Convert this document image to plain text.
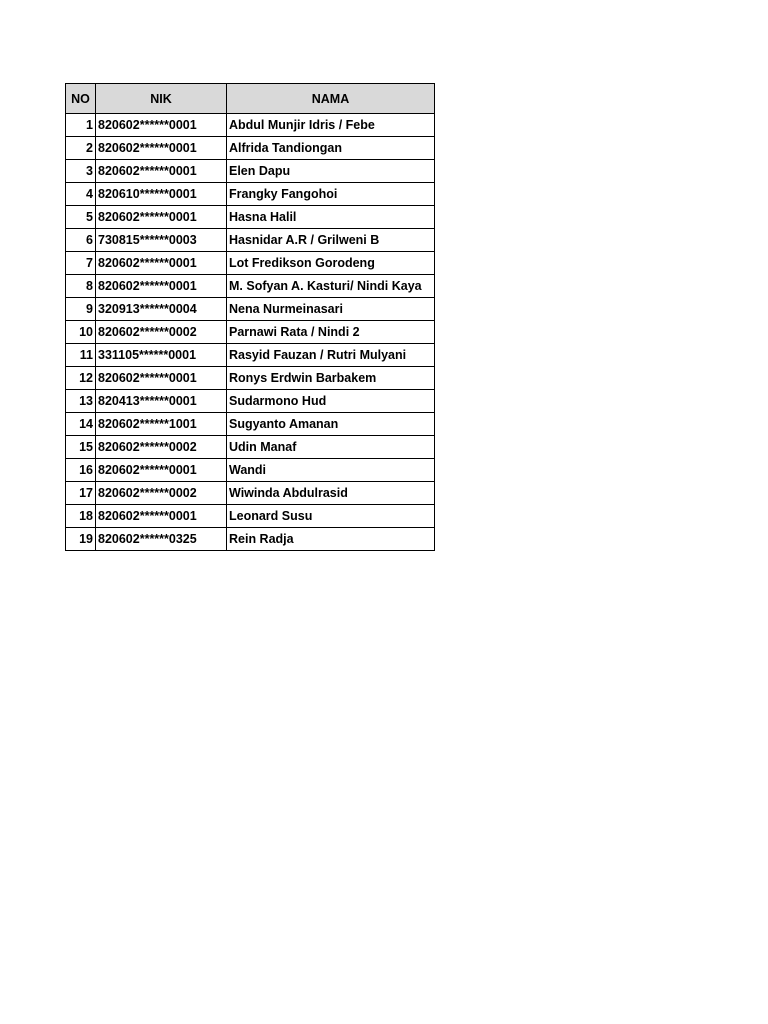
NO	NIK	NAMA
1	820602******0001	Abdul Munjir Idris / Febe
2	820602******0001	Alfrida Tandiongan
3	820602******0001	Elen Dapu
4	820610******0001	Frangky Fangohoi
5	820602******0001	Hasna Halil
6	730815******0003	Hasnidar A.R / Grilweni B
7	820602******0001	Lot Fredikson Gorodeng
8	820602******0001	M. Sofyan A. Kasturi/ Nindi Kaya
9	320913******0004	Nena Nurmeinasari
10	820602******0002	Parnawi Rata / Nindi 2
11	331105******0001	Rasyid Fauzan / Rutri Mulyani
12	820602******0001	Ronys Erdwin Barbakem
13	820413******0001	Sudarmono Hud
14	820602******1001	Sugyanto Amanan
15	820602******0002	Udin Manaf
16	820602******0001	Wandi
17	820602******0002	Wiwinda Abdulrasid
18	820602******0001	Leonard Susu
19	820602******0325	Rein Radja
